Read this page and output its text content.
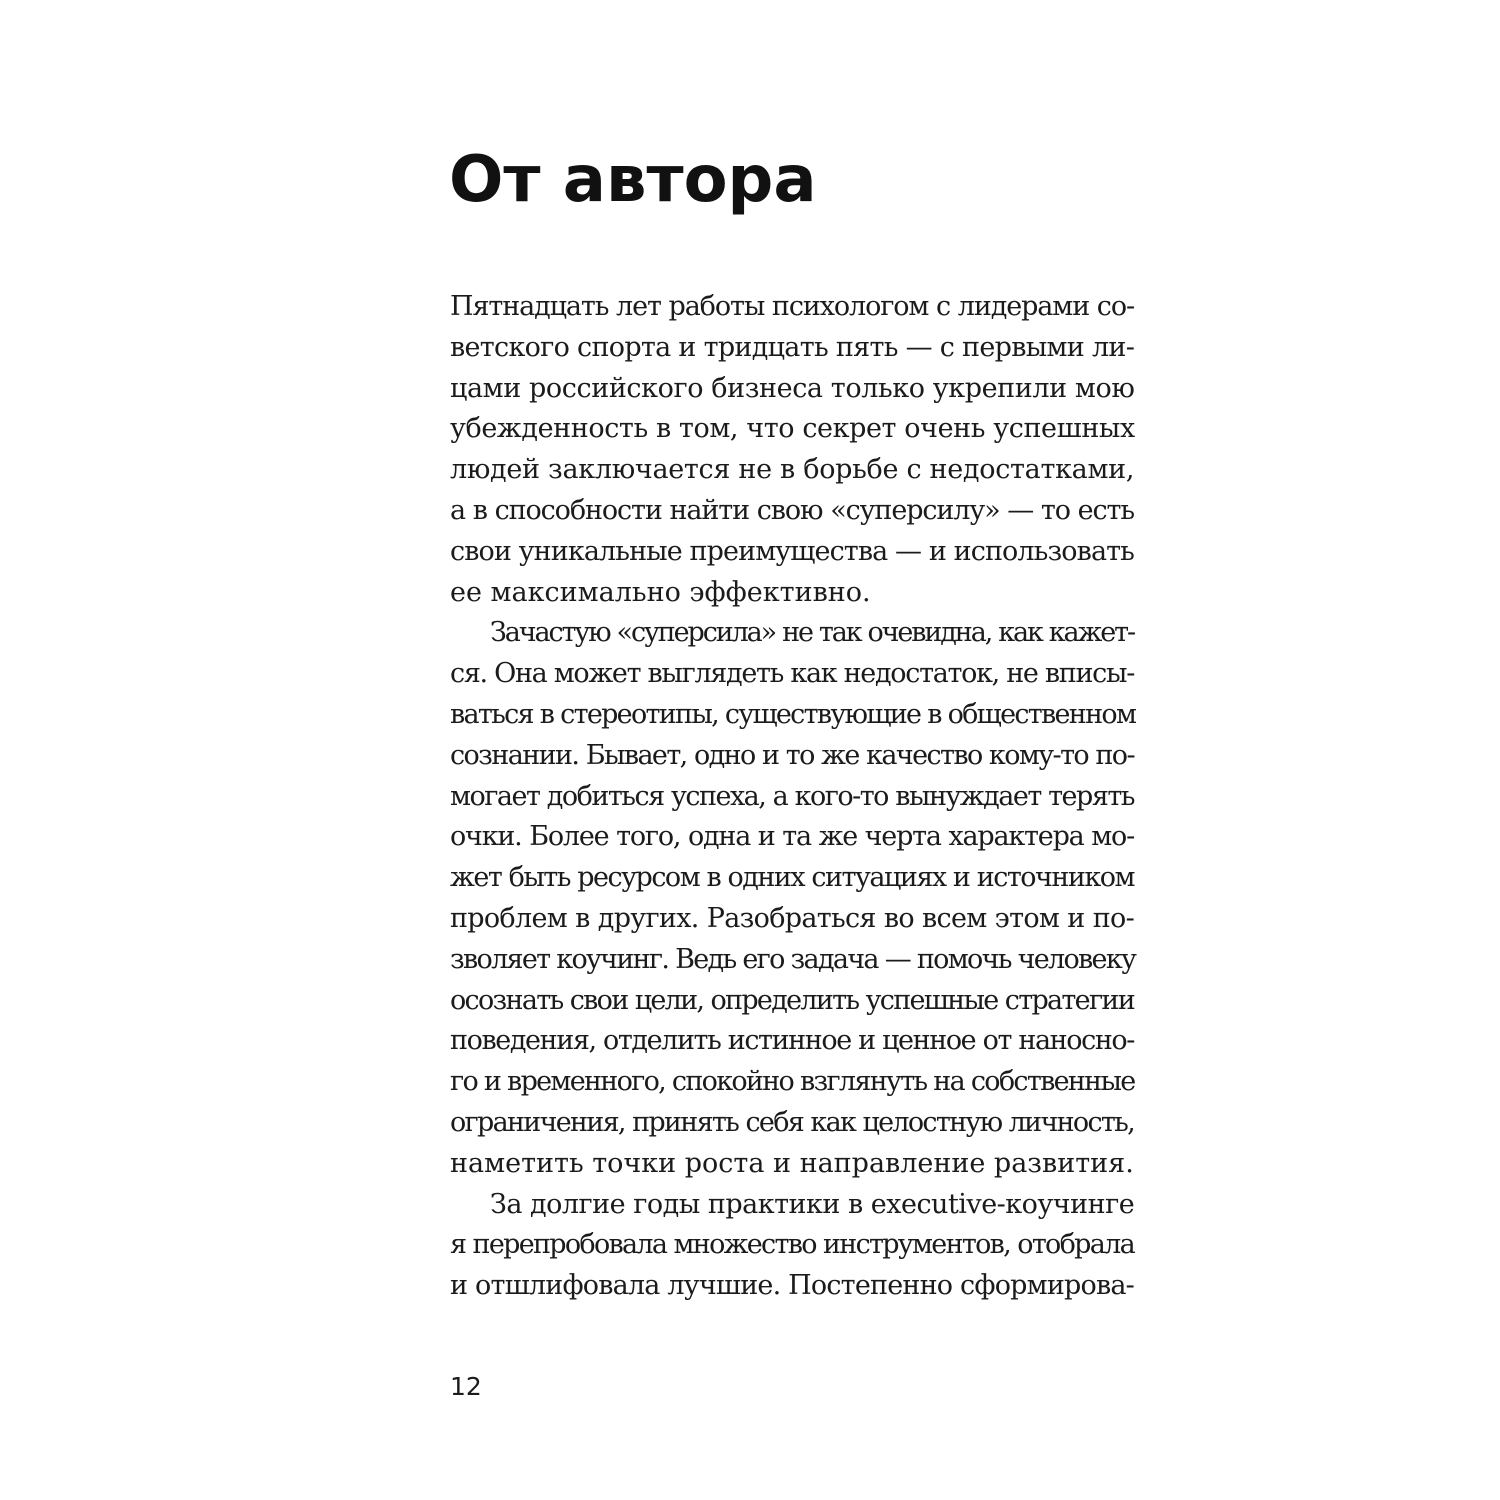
От автора
Пятнадцать лет работы психологом с лидерами со-
ветского спорта и тридцать пять — с первыми ли-
цами российского бизнеса только укрепили мою
убежденность в том, что секрет очень успешных
людей заключается не в борьбе с недостатками,
а в способности найти свою «суперсилу» — то есть
свои уникальные преимущества — и использовать
ее максимально эффективно.
Зачастую «суперсила» не так очевидна, как кажет-
ся. Она может выглядеть как недостаток, не вписы-
ваться в стереотипы, существующие в общественном
сознании. Бывает, одно и то же качество кому-то по-
могает добиться успеха, а кого-то вынуждает терять
очки. Более того, одна и та же черта характера мо-
жет быть ресурсом в одних ситуациях и источником
проблем в других. Разобраться во всем этом и по-
зволяет коучинг. Ведь его задача — помочь человеку
осознать свои цели, определить успешные стратегии
поведения, отделить истинное и ценное от наносно-
го и временного, спокойно взглянуть на собственные
ограничения, принять себя как целостную личность,
наметить точки роста и направление развития.
За долгие годы практики в executive-коучинге
я перепробовала множество инструментов, отобрала
и отшлифовала лучшие. Постепенно сформирова-
12
